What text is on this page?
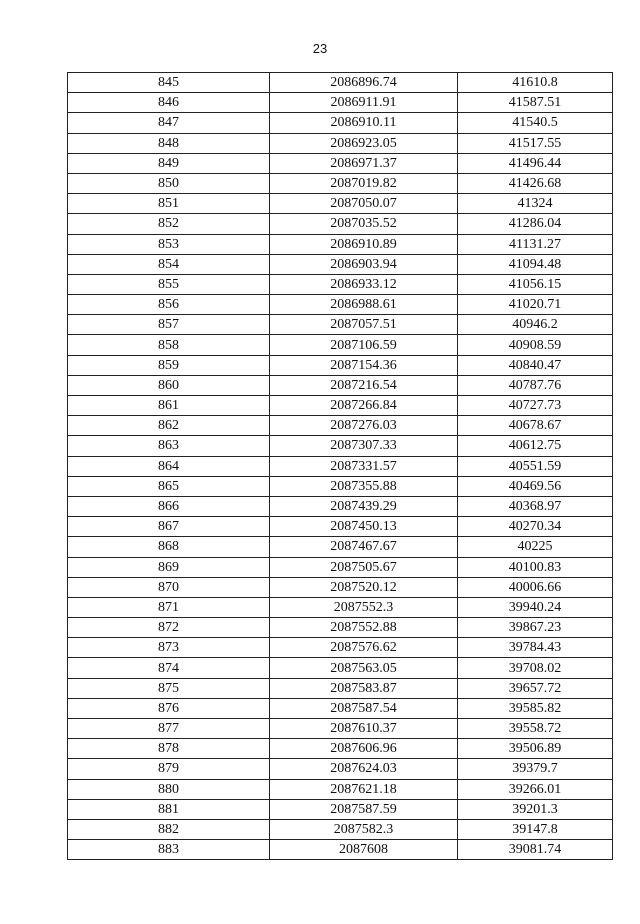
23
845	2086896.74	41610.8
846	2086911.91	41587.51
847	2086910.11	41540.5
848	2086923.05	41517.55
849	2086971.37	41496.44
850	2087019.82	41426.68
851	2087050.07	41324
852	2087035.52	41286.04
853	2086910.89	41131.27
854	2086903.94	41094.48
855	2086933.12	41056.15
856	2086988.61	41020.71
857	2087057.51	40946.2
858	2087106.59	40908.59
859	2087154.36	40840.47
860	2087216.54	40787.76
861	2087266.84	40727.73
862	2087276.03	40678.67
863	2087307.33	40612.75
864	2087331.57	40551.59
865	2087355.88	40469.56
866	2087439.29	40368.97
867	2087450.13	40270.34
868	2087467.67	40225
869	2087505.67	40100.83
870	2087520.12	40006.66
871	2087552.3	39940.24
872	2087552.88	39867.23
873	2087576.62	39784.43
874	2087563.05	39708.02
875	2087583.87	39657.72
876	2087587.54	39585.82
877	2087610.37	39558.72
878	2087606.96	39506.89
879	2087624.03	39379.7
880	2087621.18	39266.01
881	2087587.59	39201.3
882	2087582.3	39147.8
883	2087608	39081.74
